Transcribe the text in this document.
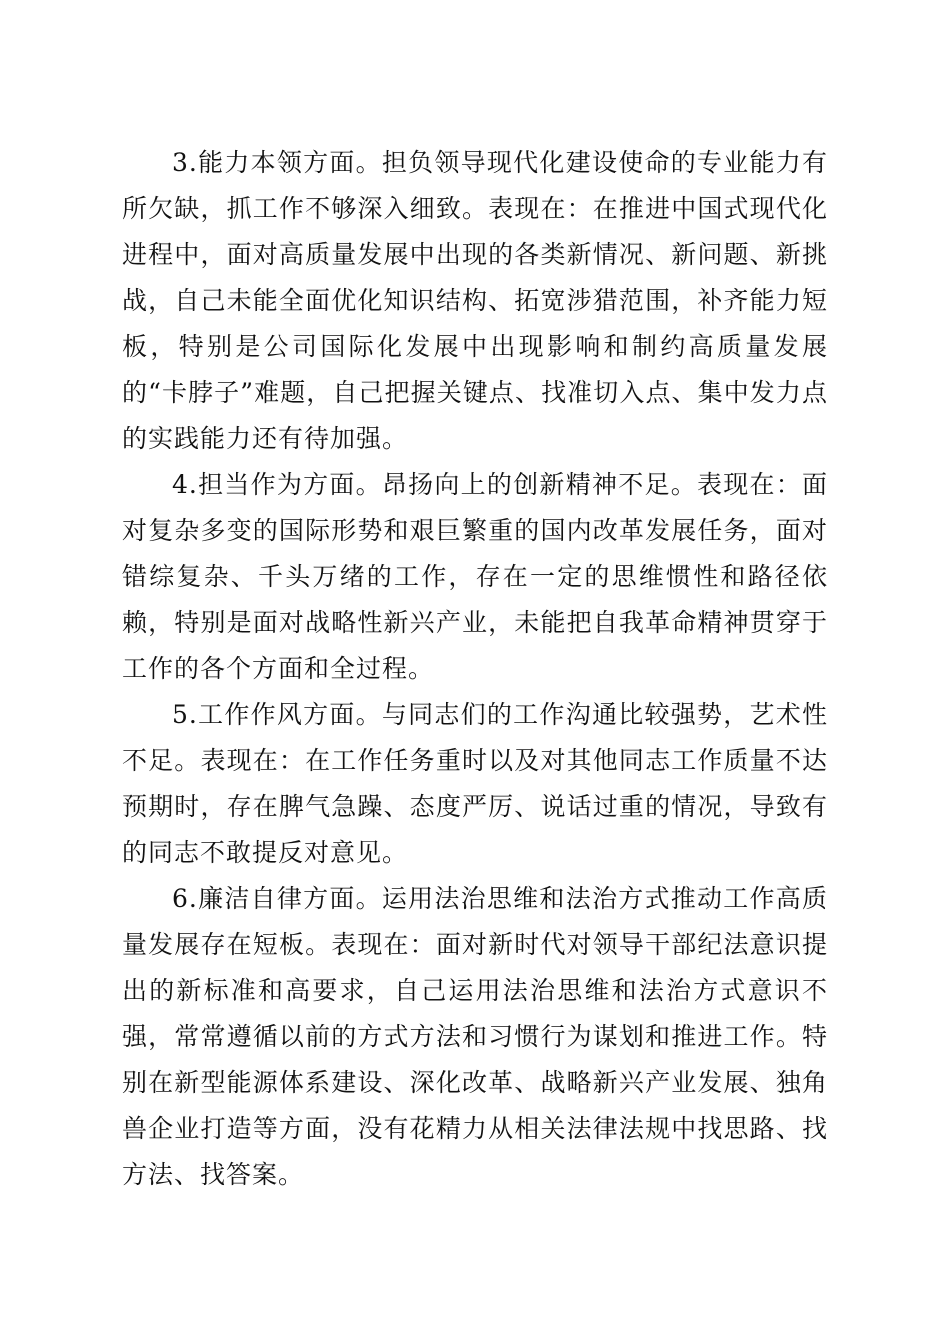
3.能力本领方面。担负领导现代化建设使命的专业能力有所欠缺，抓工作不够深入细致。表现在：在推进中国式现代化进程中，面对高质量发展中出现的各类新情况、新问题、新挑战，自己未能全面优化知识结构、拓宽涉猎范围，补齐能力短板，特别是公司国际化发展中出现影响和制约高质量发展的“卡脖子”难题，自己把握关键点、找准切入点、集中发力点的实践能力还有待加强。

4.担当作为方面。昂扬向上的创新精神不足。表现在：面对复杂多变的国际形势和艰巨繁重的国内改革发展任务，面对错综复杂、千头万绪的工作，存在一定的思维惯性和路径依赖，特别是面对战略性新兴产业，未能把自我革命精神贯穿于工作的各个方面和全过程。

5.工作作风方面。与同志们的工作沟通比较强势，艺术性不足。表现在：在工作任务重时以及对其他同志工作质量不达预期时，存在脾气急躁、态度严厉、说话过重的情况，导致有的同志不敢提反对意见。

6.廉洁自律方面。运用法治思维和法治方式推动工作高质量发展存在短板。表现在：面对新时代对领导干部纪法意识提出的新标准和高要求，自己运用法治思维和法治方式意识不强，常常遵循以前的方式方法和习惯行为谋划和推进工作。特别在新型能源体系建设、深化改革、战略新兴产业发展、独角兽企业打造等方面，没有花精力从相关法律法规中找思路、找方法、找答案。
